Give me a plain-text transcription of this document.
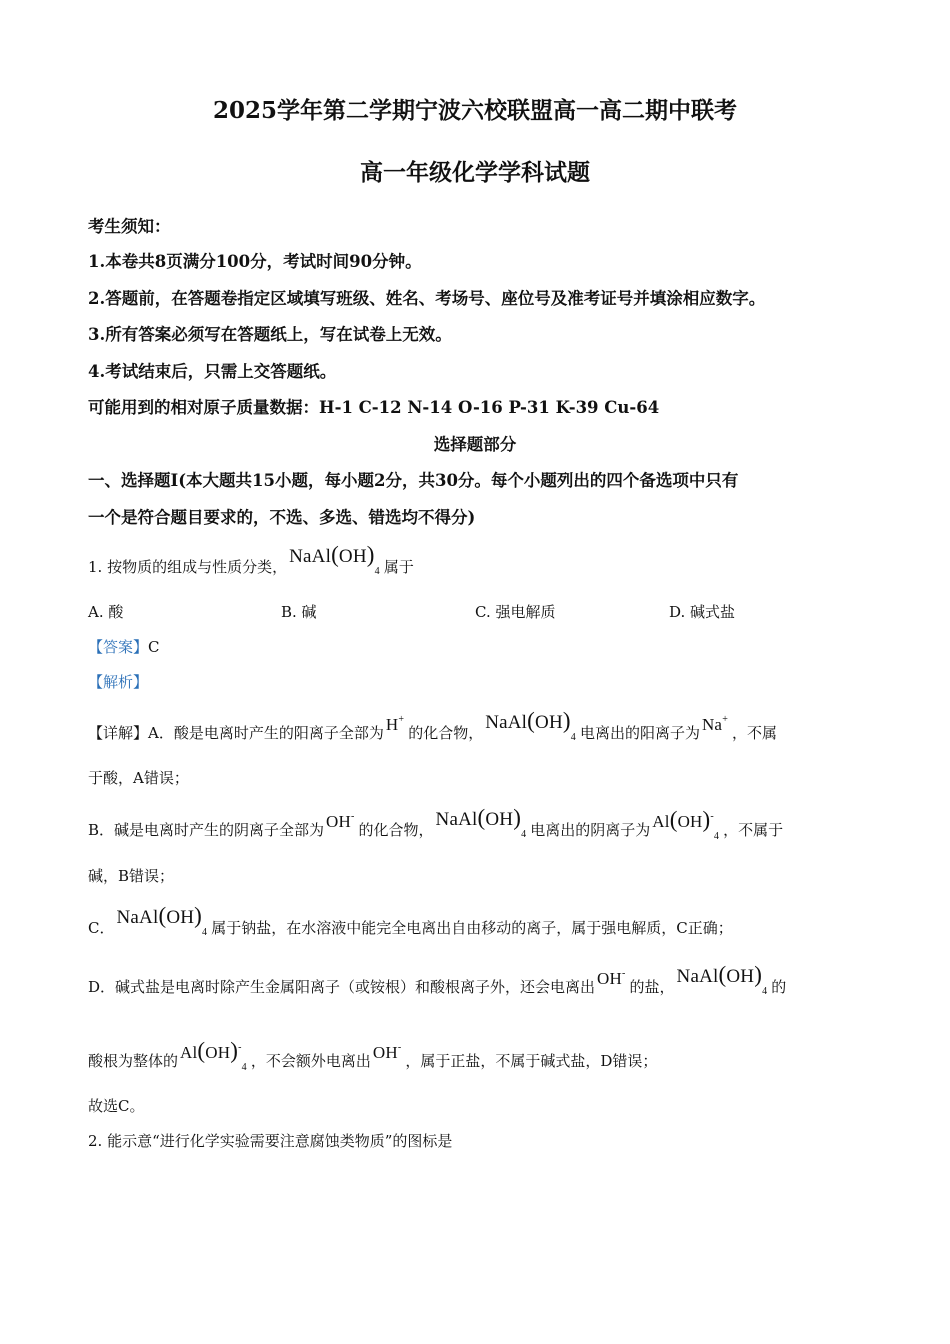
2025学年第二学期宁波六校联盟高一高二期中联考
高一年级化学学科试题
考生须知：
1.本卷共8页满分100分，考试时间90分钟。
2.答题前，在答题卷指定区域填写班级、姓名、考场号、座位号及准考证号并填涂相应数字。
3.所有答案必须写在答题纸上，写在试卷上无效。
4.考试结束后，只需上交答题纸。
可能用到的相对原子质量数据：H-1 C-12 N-14 O-16 P-31 K-39 Cu-64
选择题部分
一、选择题Ⅰ(本大题共15小题，每小题2分，共30分。每个小题列出的四个备选项中只有
一个是符合题目要求的，不选、多选、错选均不得分)
1. 按物质的组成与性质分类， $NaAl(OH)_4$ 属于
A. 酸	B. 碱	C. 强电解质	D. 碱式盐
【答案】C
【解析】
【详解】A．酸是电离时产生的阳离子全部为 H+的化合物， $NaAl(OH)_4$ 电离出的阳离子为 Na+，不属
于酸，A错误；
B．碱是电离时产生的阴离子全部为 OH-的化合物， $NaAl(OH)_4$ 电离出的阴离子为 $Al(OH)^-_4$ ，不属于
碱，B错误；
C． $NaAl(OH)_4$ 属于钠盐，在水溶液中能完全电离出自由移动的离子，属于强电解质，C正确；
D．碱式盐是电离时除产生金属阳离子（或铵根）和酸根离子外，还会电离出 OH-的盐， $NaAl(OH)_4$ 的
酸根为整体的 $Al(OH)^-_4$ ，不会额外电离出 OH-，属于正盐，不属于碱式盐，D错误；
故选C。
2. 能示意“进行化学实验需要注意腐蚀类物质”的图标是
